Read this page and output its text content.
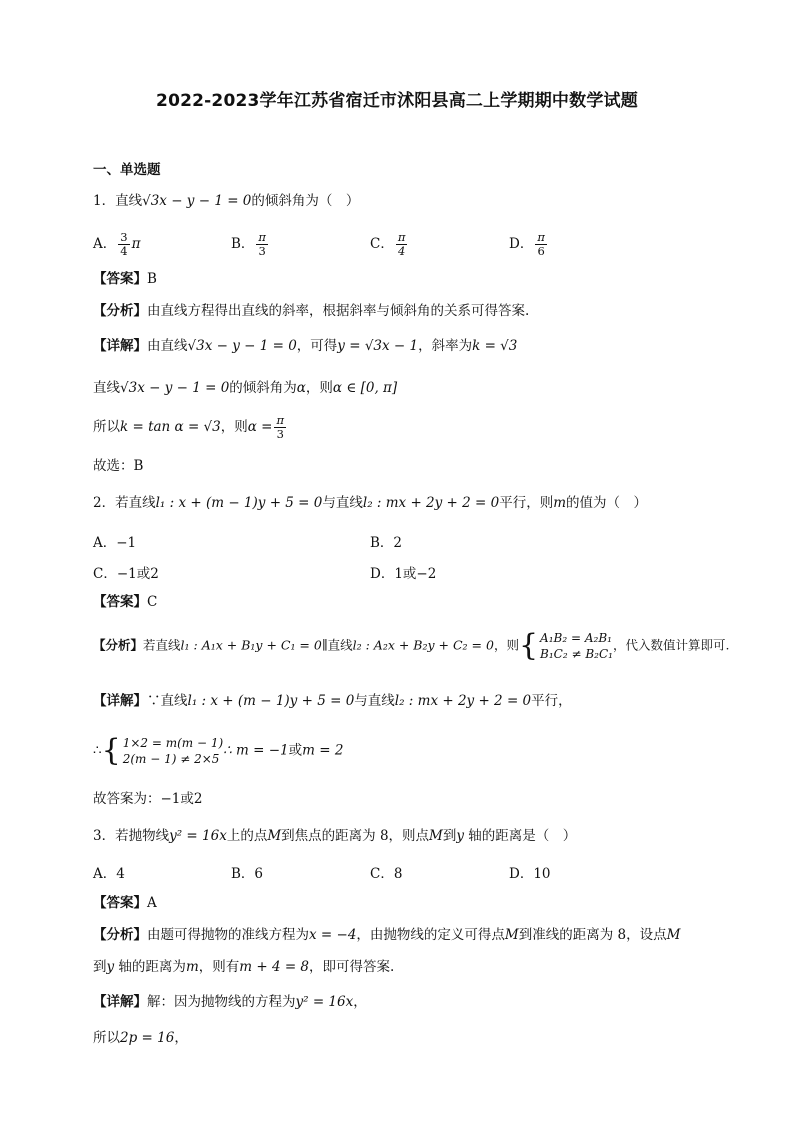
2022-2023学年江苏省宿迁市沭阳县高二上学期期中数学试题
一、单选题
1．直线√3x − y − 1 = 0的倾斜角为（　）
A． $\frac{3}{4}$ π	B． $\frac{\pi}{3}$	C． $\frac{\pi}{4}$	D． $\frac{\pi}{6}$
【答案】B
【分析】由直线方程得出直线的斜率，根据斜率与倾斜角的关系可得答案.
【详解】由直线√3x − y − 1 = 0，可得y = √3x − 1，斜率为k = √3
直线√3x − y − 1 = 0的倾斜角为α，则α ∈ [0, π]
所以k = tan α = √3，则$\alpha = \frac{\pi}{3}$
故选：B
2．若直线l₁ : x + (m − 1)y + 5 = 0与直线l₂ : mx + 2y + 2 = 0平行，则m的值为（　）
A．−1	B．2
C．−1或2	D．1或−2
【答案】C
【分析】若直线l₁ : A₁x + B₁y + C₁ = 0∥直线l₂ : A₂x + B₂y + C₂ = 0，则 { A₁B₂ = A₂B₁
B₁C₂ ≠ B₂C₁
，代入数值计算即可.
【详解】∵直线l₁ : x + (m − 1)y + 5 = 0与直线l₂ : mx + 2y + 2 = 0平行，
∴ { 1×2 = m(m − 1)
2(m − 1) ≠ 2×5
∴ m = −1或m = 2
故答案为：−1或2
3．若抛物线y² = 16x上的点M到焦点的距离为 8，则点M到y 轴的距离是（　）
A．4	B．6	C．8	D．10
【答案】A
【分析】由题可得抛物的准线方程为x = −4，由抛物线的定义可得点M到准线的距离为 8，设点M
到y 轴的距离为m，则有m + 4 = 8，即可得答案.
【详解】解：因为抛物线的方程为y² = 16x，
所以2p = 16，
